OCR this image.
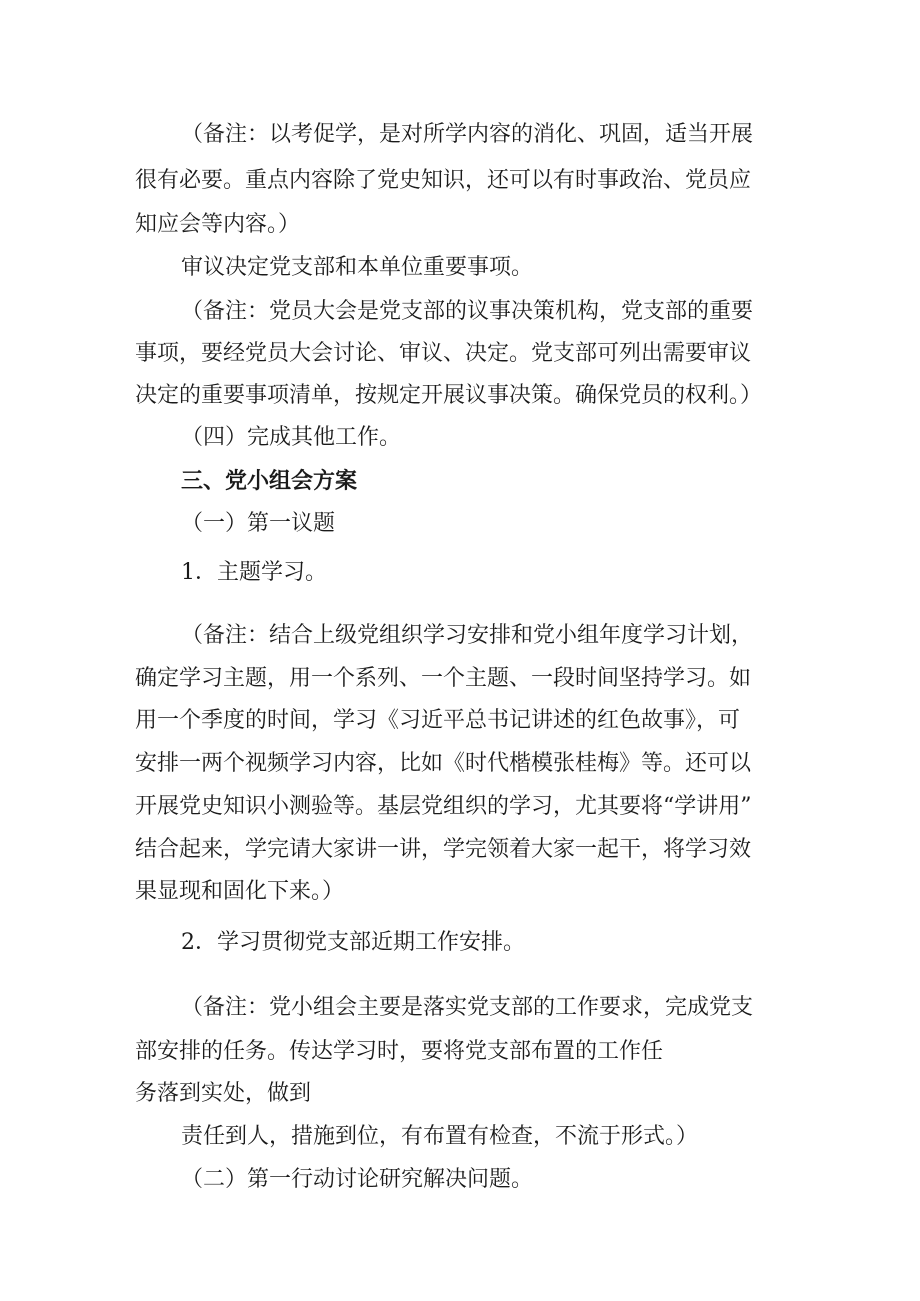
（备注：以考促学，是对所学内容的消化、巩固，适当开展
很有必要。重点内容除了党史知识，还可以有时事政治、党员应
知应会等内容。）
审议决定党支部和本单位重要事项。
（备注：党员大会是党支部的议事决策机构，党支部的重要
事项，要经党员大会讨论、审议、决定。党支部可列出需要审议
决定的重要事项清单，按规定开展议事决策。确保党员的权利。）
（四）完成其他工作。
三、党小组会方案
（一）第一议题
1．主题学习。
（备注：结合上级党组织学习安排和党小组年度学习计划，
确定学习主题，用一个系列、一个主题、一段时间坚持学习。如
用一个季度的时间，学习《习近平总书记讲述的红色故事》，可
安排一两个视频学习内容，比如《时代楷模张桂梅》等。还可以
开展党史知识小测验等。基层党组织的学习，尤其要将“学讲用”
结合起来，学完请大家讲一讲，学完领着大家一起干，将学习效
果显现和固化下来。）
2．学习贯彻党支部近期工作安排。
（备注：党小组会主要是落实党支部的工作要求，完成党支
部安排的任务。传达学习时，要将党支部布置的工作任
务落到实处，做到
责任到人，措施到位，有布置有检查，不流于形式。）
（二）第一行动讨论研究解决问题。
